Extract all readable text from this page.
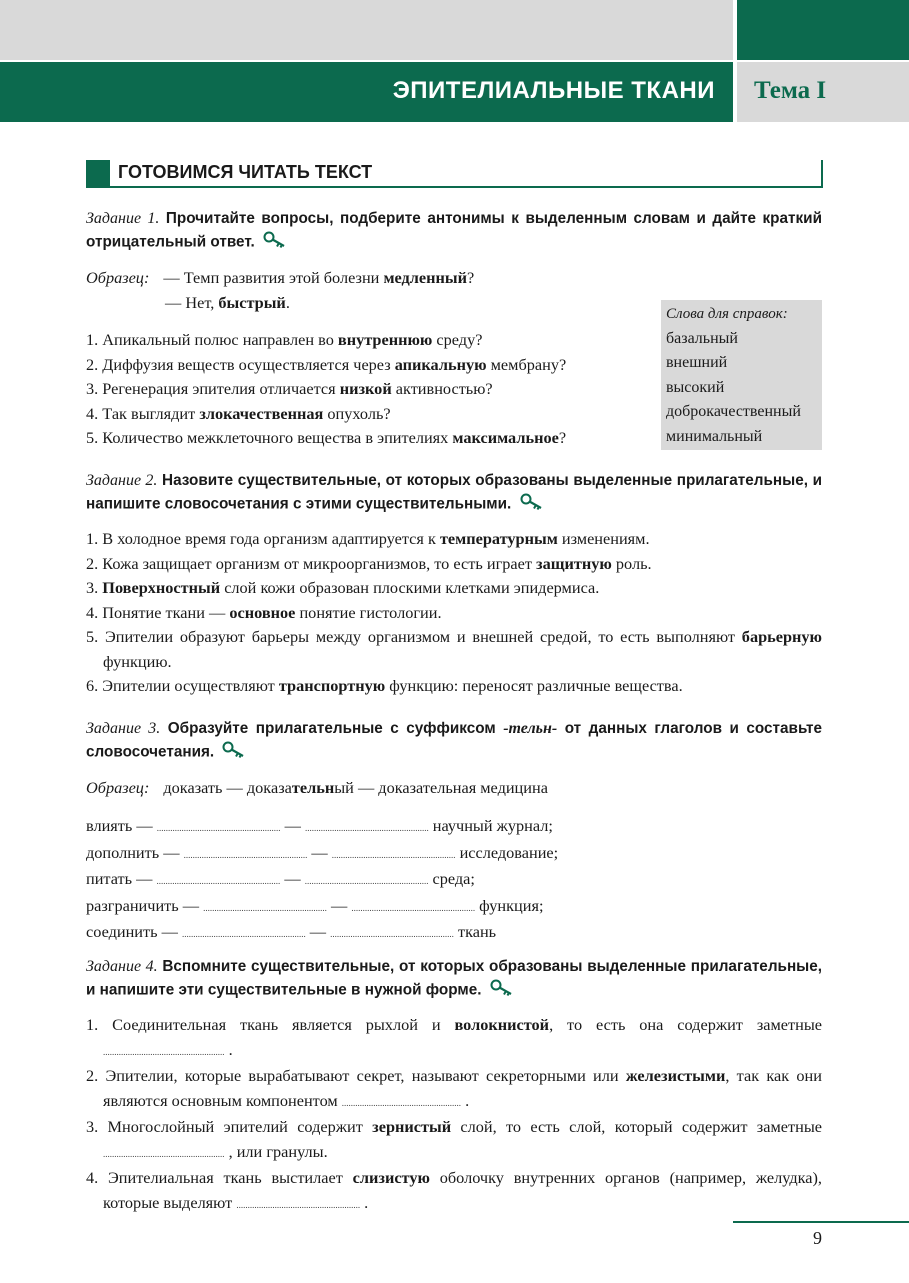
ЭПИТЕЛИАЛЬНЫЕ ТКАНИ Тема I
ГОТОВИМСЯ ЧИТАТЬ ТЕКСТ
Задание 1. Прочитайте вопросы, подберите антонимы к выделенным словам и дайте краткий отрицательный ответ.
Образец: — Темп развития этой болезни медленный?
— Нет, быстрый.
1. Апикальный полюс направлен во внутреннюю среду?
2. Диффузия веществ осуществляется через апикальную мембрану?
3. Регенерация эпителия отличается низкой активностью?
4. Так выглядит злокачественная опухоль?
5. Количество межклеточного вещества в эпителиях максимальное?
Слова для справок:
базальный
внешний
высокий
доброкачественный
минимальный
Задание 2. Назовите существительные, от которых образованы выделенные прилагательные, и напишите словосочетания с этими существительными.
1. В холодное время года организм адаптируется к температурным изменениям.
2. Кожа защищает организм от микроорганизмов, то есть играет защитную роль.
3. Поверхностный слой кожи образован плоскими клетками эпидермиса.
4. Понятие ткани — основное понятие гистологии.
5. Эпителии образуют барьеры между организмом и внешней средой, то есть выполняют барьерную функцию.
6. Эпителии осуществляют транспортную функцию: переносят различные вещества.
Задание 3. Образуйте прилагательные с суффиксом -тельн- от данных глаголов и составьте словосочетания.
Образец: доказать — доказательный — доказательная медицина
влиять — ....................................................... — ....................................................... научный журнал;
дополнить — ....................................................... — ....................................................... исследование;
питать — ....................................................... — ....................................................... среда;
разграничить — ....................................................... — ....................................................... функция;
соединить — ....................................................... — ....................................................... ткань
Задание 4. Вспомните существительные, от которых образованы выделенные прилагательные, и напишите эти существительные в нужной форме.
1. Соединительная ткань является рыхлой и волокнистой, то есть она содержит заметные ...................................................... .
2. Эпителии, которые вырабатывают секрет, называют секреторными или железистыми, так как они являются основным компонентом ..................................................... .
3. Многослойный эпителий содержит зернистый слой, то есть слой, который содержит заметные ...................................................... , или гранулы.
4. Эпителиальная ткань выстилает слизистую оболочку внутренних органов (например, желудка), которые выделяют ....................................................... .
9
